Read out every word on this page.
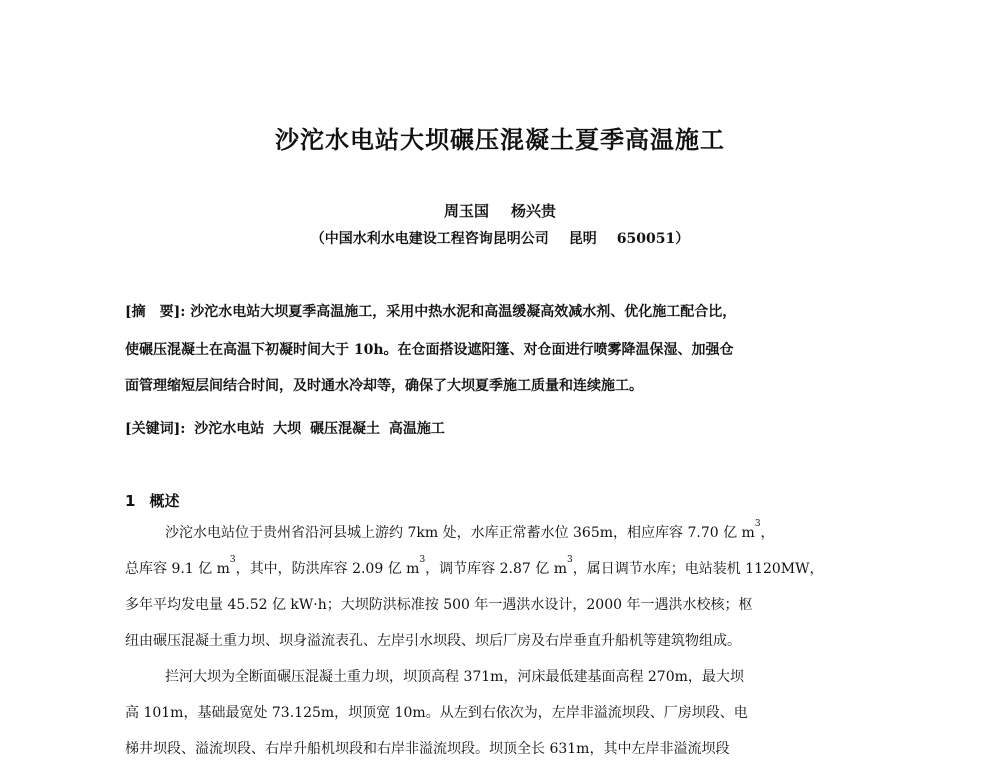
沙沱水电站大坝碾压混凝土夏季高温施工
周玉国 杨兴贵
（中国水利水电建设工程咨询昆明公司 昆明 650051）
[摘　要]: 沙沱水电站大坝夏季高温施工，采用中热水泥和高温缓凝高效减水剂、优化施工配合比，
使碾压混凝土在高温下初凝时间大于 10h。在仓面搭设遮阳篷、对仓面进行喷雾降温保湿、加强仓
面管理缩短层间结合时间，及时通水冷却等，确保了大坝夏季施工质量和连续施工。
[关键词]: 沙沱水电站 大坝 碾压混凝土 高温施工
1 概述
沙沱水电站位于贵州省沿河县城上游约 7km 处，水库正常蓄水位 365m，相应库容 7.70 亿 $m^3$，
总库容 9.1 亿 $m^3$，其中，防洪库容 2.09 亿 $m^3$，调节库容 2.87 亿 $m^3$，属日调节水库；电站装机 1120MW，
多年平均发电量 45.52 亿 kW·h；大坝防洪标准按 500 年一遇洪水设计，2000 年一遇洪水校核；枢
纽由碾压混凝土重力坝、坝身溢流表孔、左岸引水坝段、坝后厂房及右岸垂直升船机等建筑物组成。
拦河大坝为全断面碾压混凝土重力坝，坝顶高程 371m，河床最低建基面高程 270m，最大坝
高 101m，基础最宽处 73.125m，坝顶宽 10m。从左到右依次为，左岸非溢流坝段、厂房坝段、电
梯井坝段、溢流坝段、右岸升船机坝段和右岸非溢流坝段。坝顶全长 631m，其中左岸非溢流坝段
